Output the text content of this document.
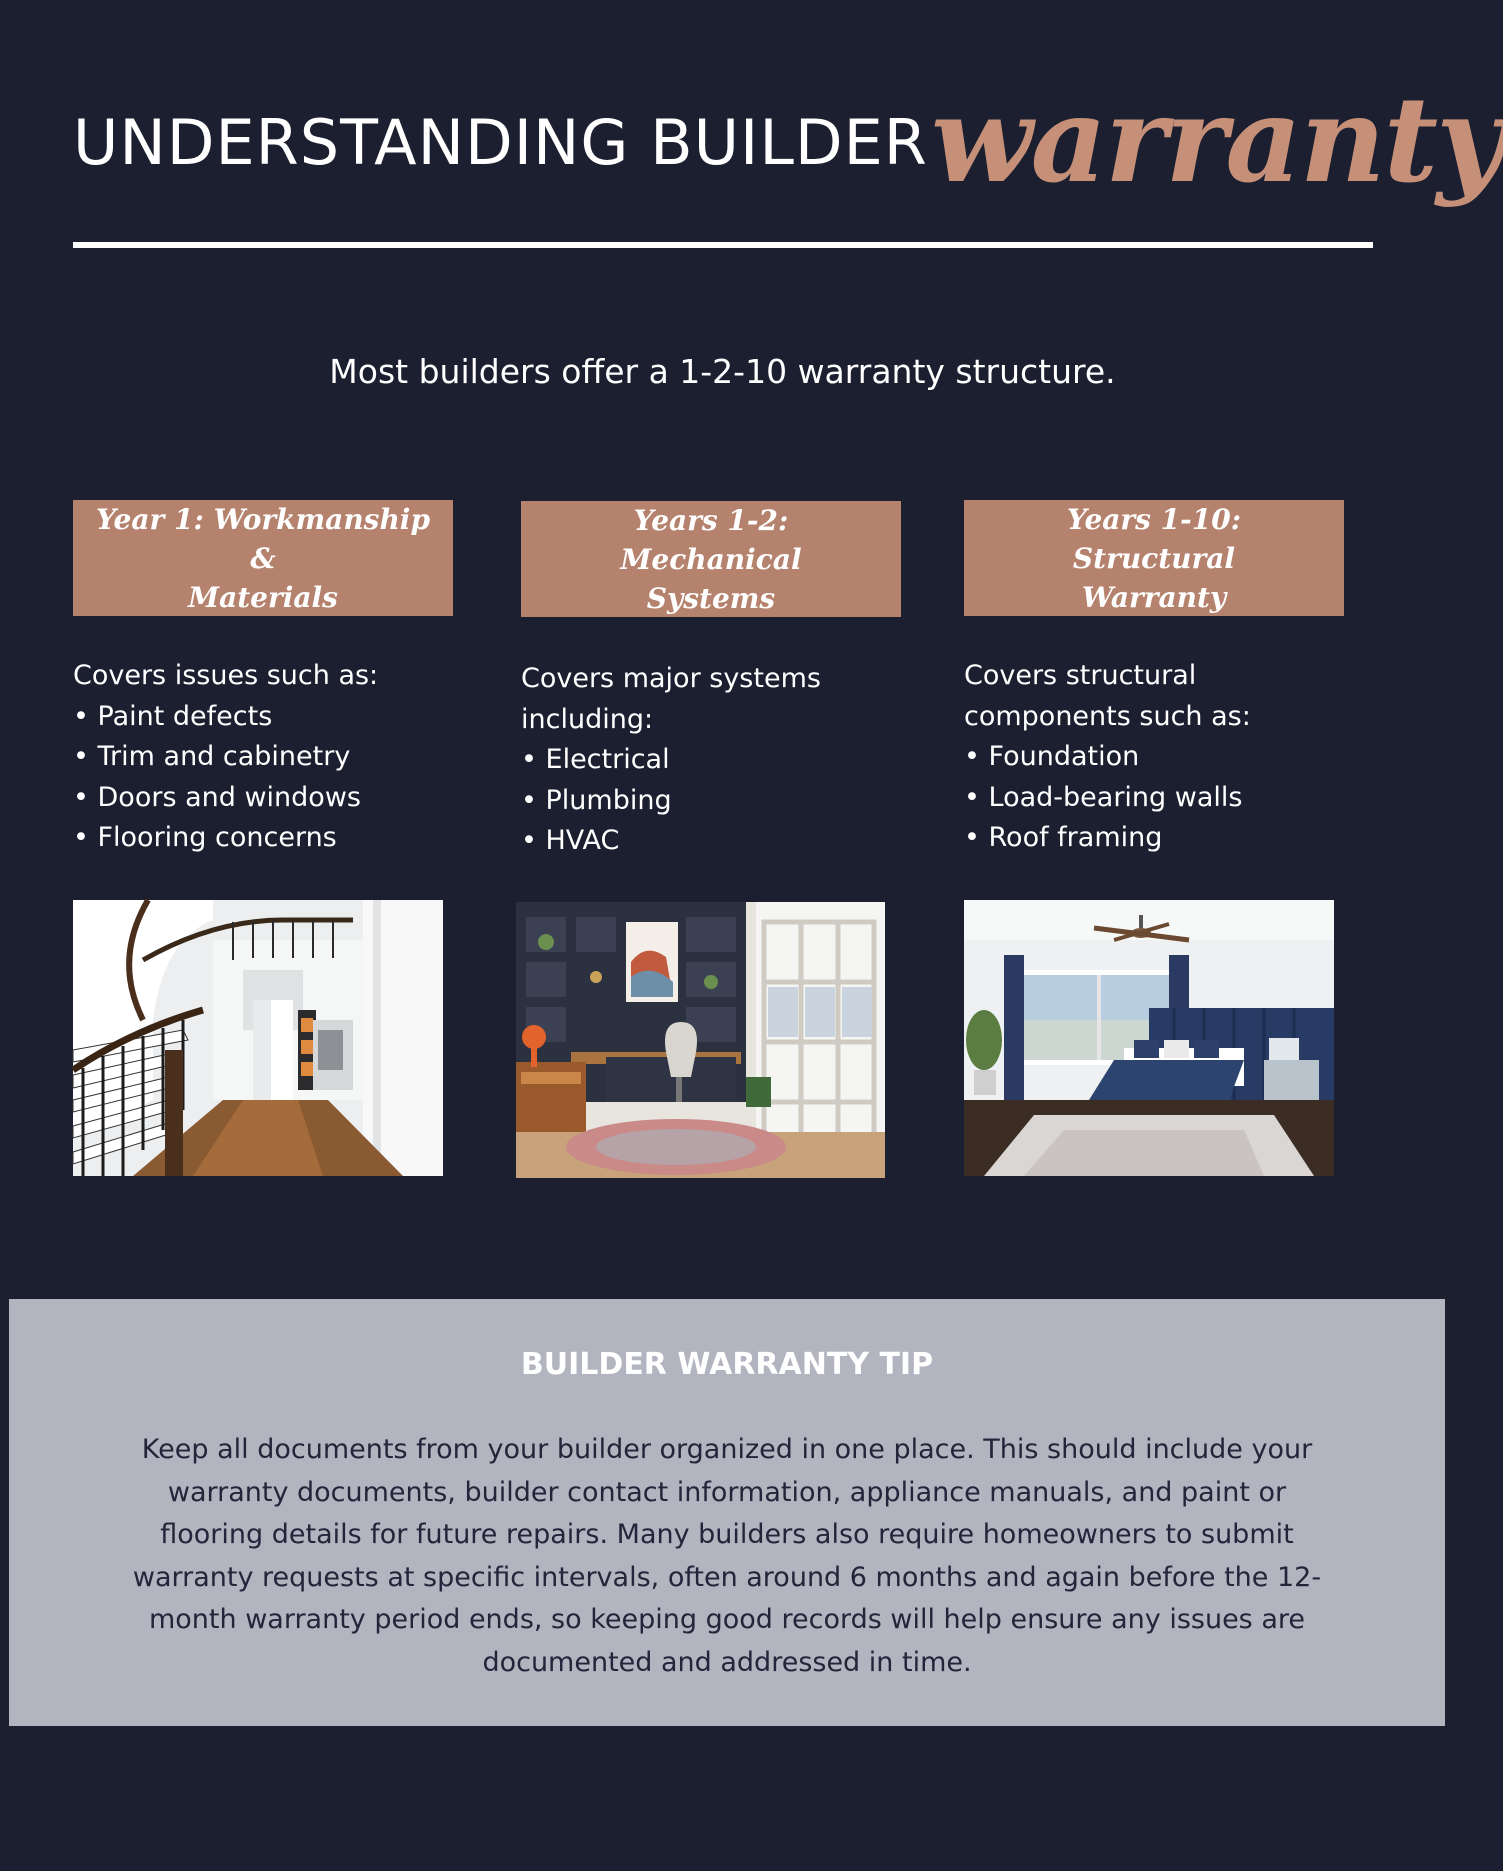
UNDERSTANDING BUILDER warranty
Most builders offer a 1-2-10 warranty structure.
Year 1: Workmanship &
Materials
Covers issues such as:
• Paint defects
• Trim and cabinetry
• Doors and windows
• Flooring concerns
Years 1-2: Mechanical
Systems
Covers major systems
including:
• Electrical
• Plumbing
• HVAC
Years 1-10: Structural
Warranty
Covers structural
components such as:
• Foundation
• Load-bearing walls
• Roof framing
BUILDER WARRANTY TIP
Keep all documents from your builder organized in one place. This should include your
warranty documents, builder contact information, appliance manuals, and paint or
flooring details for future repairs. Many builders also require homeowners to submit
warranty requests at specific intervals, often around 6 months and again before the 12-
month warranty period ends, so keeping good records will help ensure any issues are
documented and addressed in time.
